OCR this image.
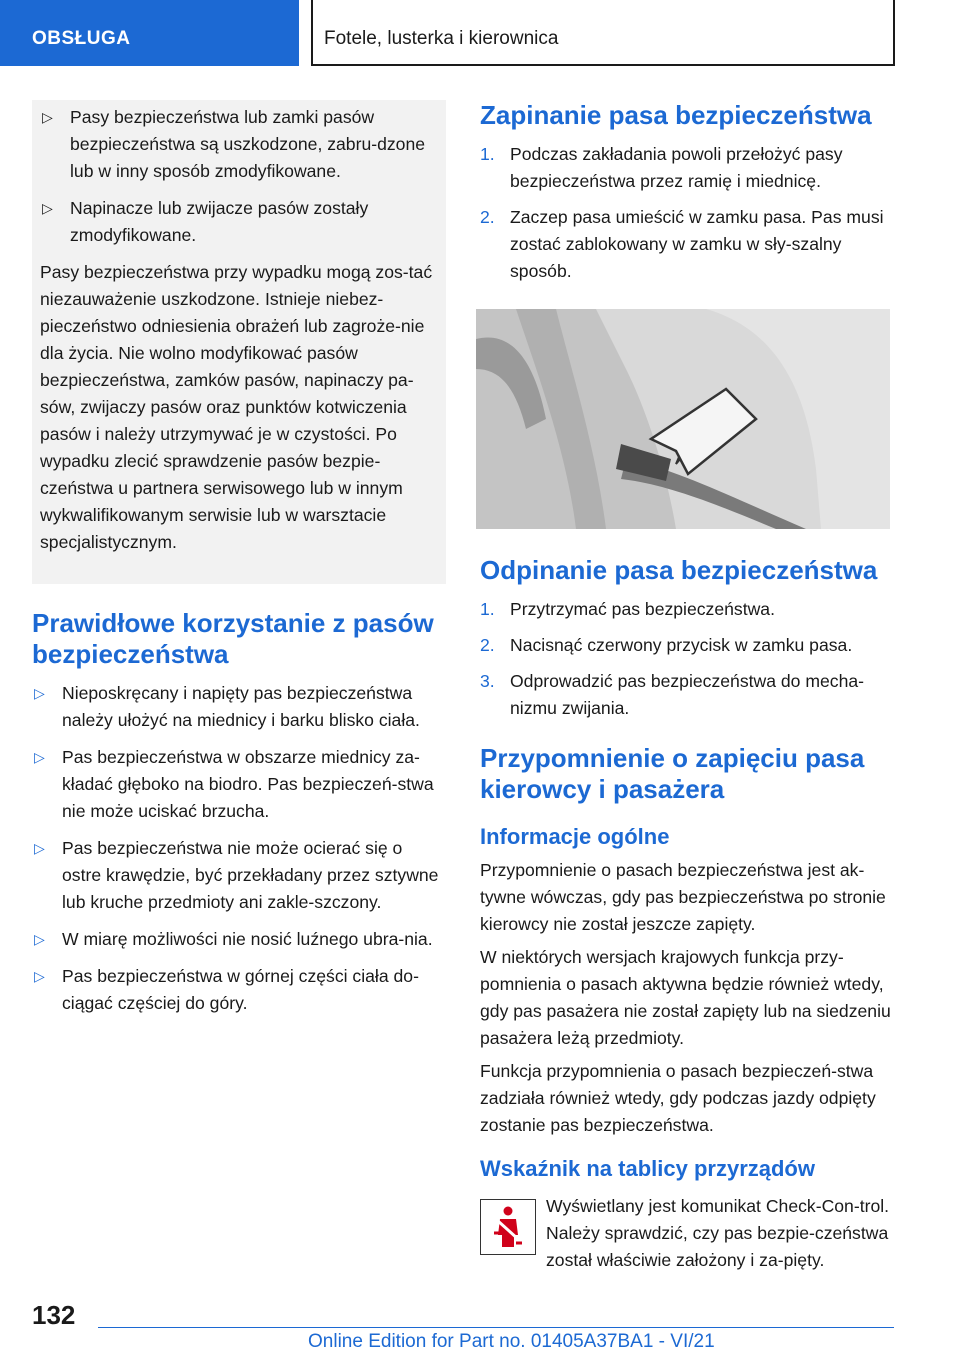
OBSŁUGA	Fotele, lusterka i kierownica
▷ Pasy bezpieczeństwa lub zamki pasów bezpieczeństwa są uszkodzone, zabru-dzone lub w inny sposób zmodyfikowane.
▷ Napinacze lub zwijacze pasów zostały zmodyfikowane.

Pasy bezpieczeństwa przy wypadku mogą zos-tać niezauważenie uszkodzone. Istnieje niebez-pieczeństwo odniesienia obrażeń lub zagroże-nie dla życia. Nie wolno modyfikować pasów bezpieczeństwa, zamków pasów, napinaczy pa-sów, zwijaczy pasów oraz punktów kotwiczenia pasów i należy utrzymywać je w czystości. Po wypadku zlecić sprawdzenie pasów bezpie-czeństwa u partnera serwisowego lub w innym wykwalifikowanym serwisie lub w warsztacie specjalistycznym.

Prawidłowe korzystanie z pasów bezpieczeństwa
▷ Nieposkręcany i napięty pas bezpieczeństwa należy ułożyć na miednicy i barku blisko ciała.
▷ Pas bezpieczeństwa w obszarze miednicy za-kładać głęboko na biodro. Pas bezpieczeń-stwa nie może uciskać brzucha.
▷ Pas bezpieczeństwa nie może ocierać się o ostre krawędzie, być przekładany przez sztywne lub kruche przedmioty ani zakle-szczony.
▷ W miarę możliwości nie nosić luźnego ubra-nia.
▷ Pas bezpieczeństwa w górnej części ciała do-ciągać częściej do góry.
Zapinanie pasa bezpieczeństwa
1. Podczas zakładania powoli przełożyć pasy bezpieczeństwa przez ramię i miednicę.
2. Zaczep pasa umieścić w zamku pasa. Pas musi zostać zablokowany w zamku w sły-szalny sposób.
Odpinanie pasa bezpieczeństwa
1. Przytrzymać pas bezpieczeństwa.
2. Nacisnąć czerwony przycisk w zamku pasa.
3. Odprowadzić pas bezpieczeństwa do mecha-nizmu zwijania.
Przypomnienie o zapięciu pasa kierowcy i pasażera
Informacje ogólne

Przypomnienie o pasach bezpieczeństwa jest ak-tywne wówczas, gdy pas bezpieczeństwa po stronie kierowcy nie został jeszcze zapięty.

W niektórych wersjach krajowych funkcja przy-pomnienia o pasach aktywna będzie również wtedy, gdy pas pasażera nie został zapięty lub na siedzeniu pasażera leżą przedmioty.

Funkcja przypomnienia o pasach bezpieczeń-stwa zadziała również wtedy, gdy podczas jazdy odpięty zostanie pas bezpieczeństwa.

Wskaźnik na tablicy przyrządów

Wyświetlany jest komunikat Check-Con-trol. Należy sprawdzić, czy pas bezpie-czeństwa został właściwie założony i za-pięty.

132
Online Edition for Part no. 01405A37BA1 - VI/21
